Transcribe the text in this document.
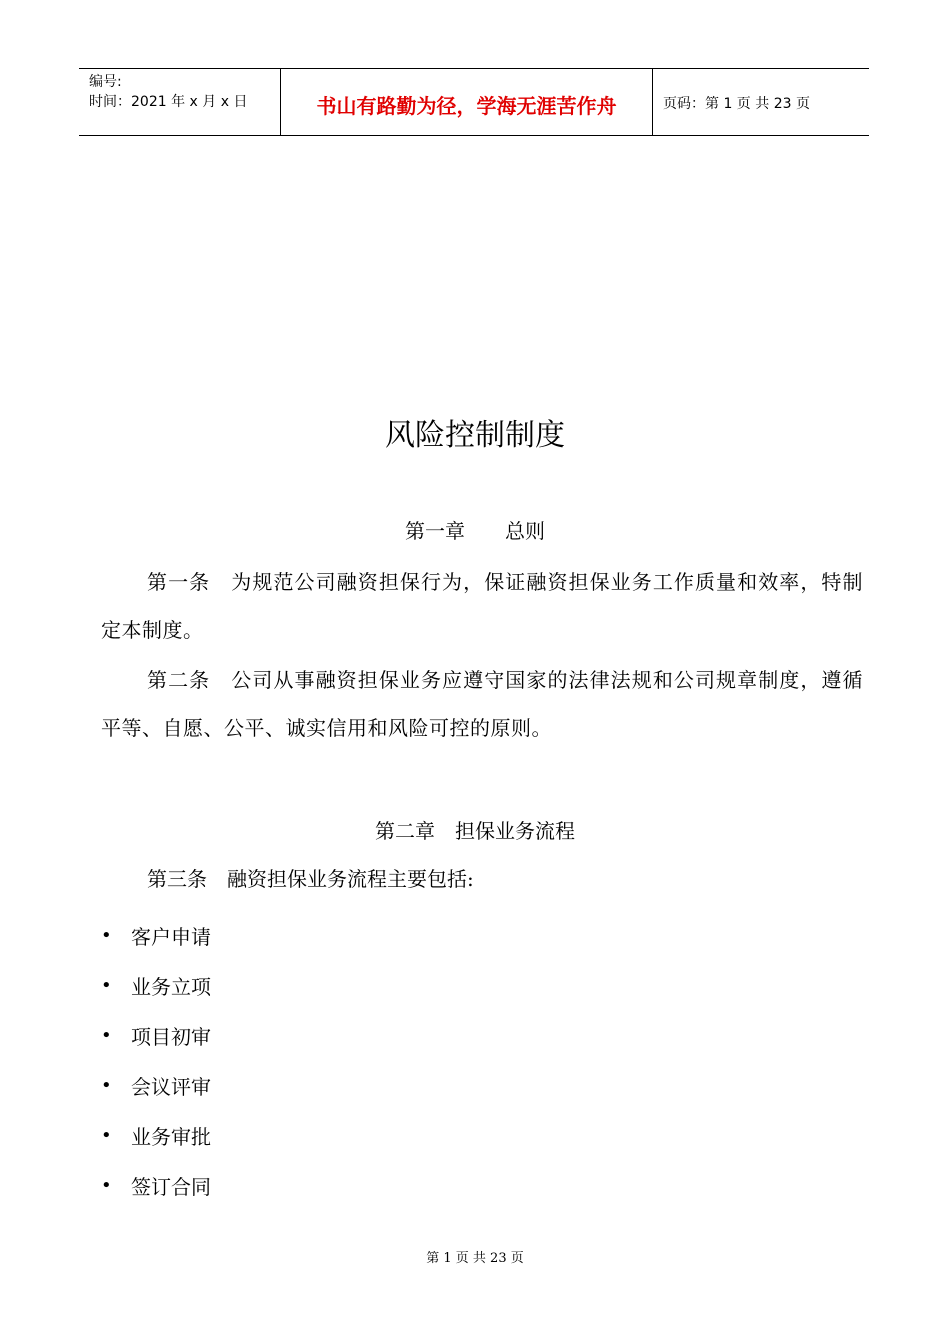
编号:
时间：2021 年 x 月 x 日	书山有路勤为径，学海无涯苦作舟	页码：第 1 页 共 23 页
风险控制制度
第一章　　总则
第一条　为规范公司融资担保行为，保证融资担保业务工作质量和效率，特制定本制度。
第二条　公司从事融资担保业务应遵守国家的法律法规和公司规章制度，遵循平等、自愿、公平、诚实信用和风险可控的原则。
第二章　担保业务流程
第三条　融资担保业务流程主要包括:
• 客户申请
• 业务立项
• 项目初审
• 会议评审
• 业务审批
• 签订合同
第 1 页 共 23 页
